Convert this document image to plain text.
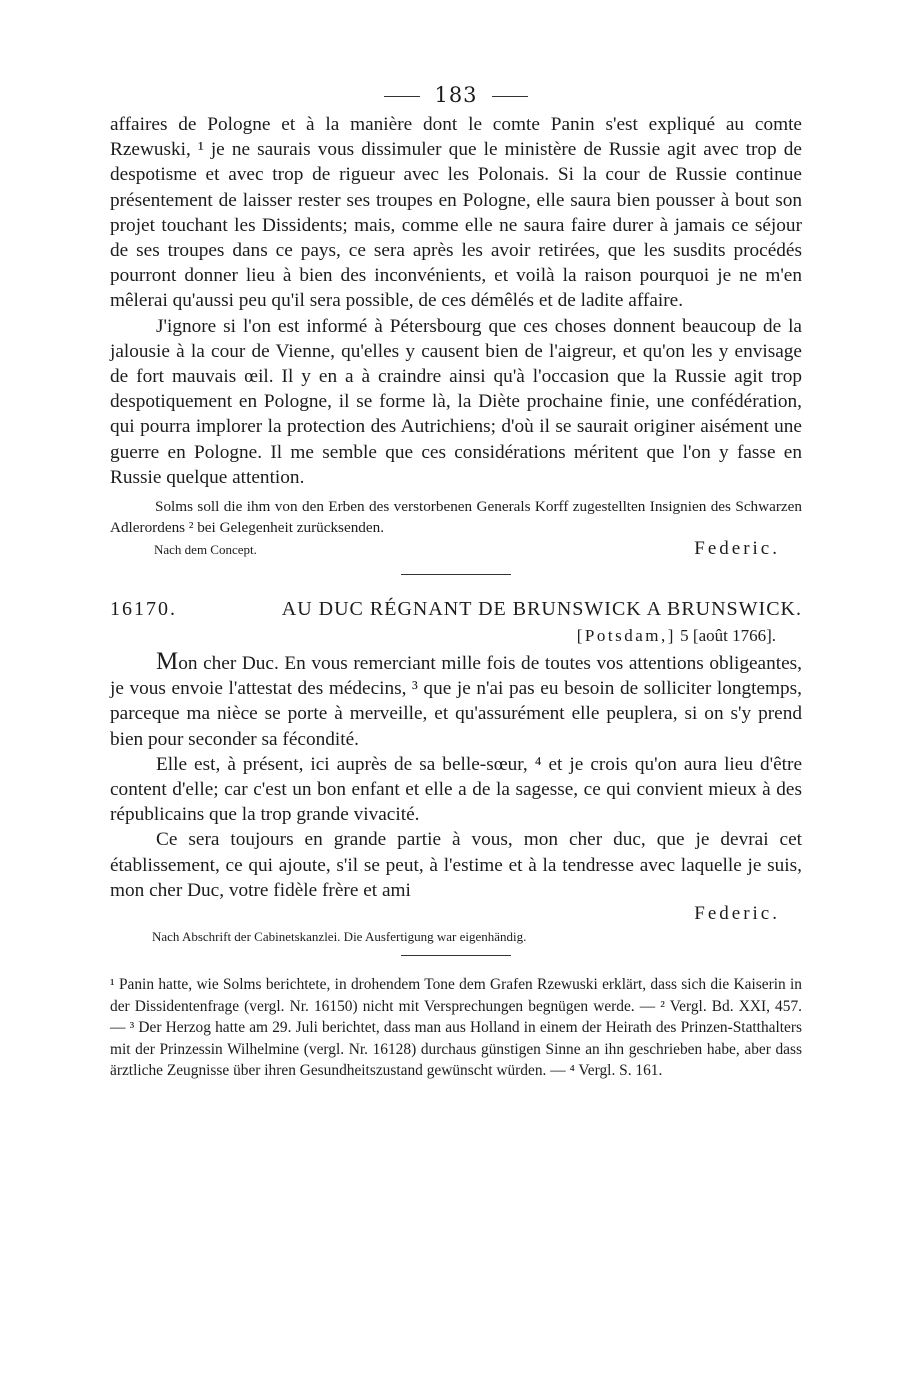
183

affaires de Pologne et à la manière dont le comte Panin s'est expliqué au comte Rzewuski, ¹ je ne saurais vous dissimuler que le ministère de Russie agit avec trop de despotisme et avec trop de rigueur avec les Polonais. Si la cour de Russie continue présentement de laisser rester ses troupes en Pologne, elle saura bien pousser à bout son projet touchant les Dissidents; mais, comme elle ne saura faire durer à jamais ce séjour de ses troupes dans ce pays, ce sera après les avoir retirées, que les susdits procédés pourront donner lieu à bien des inconvénients, et voilà la raison pourquoi je ne m'en mêlerai qu'aussi peu qu'il sera possible, de ces démêlés et de ladite affaire.

J'ignore si l'on est informé à Pétersbourg que ces choses donnent beaucoup de la jalousie à la cour de Vienne, qu'elles y causent bien de l'aigreur, et qu'on les y envisage de fort mauvais œil. Il y en a à craindre ainsi qu'à l'occasion que la Russie agit trop despotiquement en Pologne, il se forme là, la Diète prochaine finie, une confédération, qui pourra implorer la protection des Autrichiens; d'où il se saurait originer aisément une guerre en Pologne. Il me semble que ces considérations méritent que l'on y fasse en Russie quelque attention.

Solms soll die ihm von den Erben des verstorbenen Generals Korff zugestellten Insignien des Schwarzen Adlerordens ² bei Gelegenheit zurücksenden.

Nach dem Concept.	Federic.
16170.	AU DUC RÉGNANT DE BRUNSWICK A BRUNSWICK.
[Potsdam,] 5 [août 1766].

Mon cher Duc. En vous remerciant mille fois de toutes vos attentions obligeantes, je vous envoie l'attestat des médecins, ³ que je n'ai pas eu besoin de solliciter longtemps, parceque ma nièce se porte à merveille, et qu'assurément elle peuplera, si on s'y prend bien pour seconder sa fécondité.

Elle est, à présent, ici auprès de sa belle-sœur, ⁴ et je crois qu'on aura lieu d'être content d'elle; car c'est un bon enfant et elle a de la sagesse, ce qui convient mieux à des républicains que la trop grande vivacité.

Ce sera toujours en grande partie à vous, mon cher duc, que je devrai cet établissement, ce qui ajoute, s'il se peut, à l'estime et à la tendresse avec laquelle je suis, mon cher Duc, votre fidèle frère et ami

Federic.
Nach Abschrift der Cabinetskanzlei. Die Ausfertigung war eigenhändig.
¹ Panin hatte, wie Solms berichtete, in drohendem Tone dem Grafen Rzewuski erklärt, dass sich die Kaiserin in der Dissidentenfrage (vergl. Nr. 16150) nicht mit Versprechungen begnügen werde. — ² Vergl. Bd. XXI, 457. — ³ Der Herzog hatte am 29. Juli berichtet, dass man aus Holland in einem der Heirath des Prinzen-Statthalters mit der Prinzessin Wilhelmine (vergl. Nr. 16128) durchaus günstigen Sinne an ihn geschrieben habe, aber dass ärztliche Zeugnisse über ihren Gesundheitszustand gewünscht würden. — ⁴ Vergl. S. 161.
